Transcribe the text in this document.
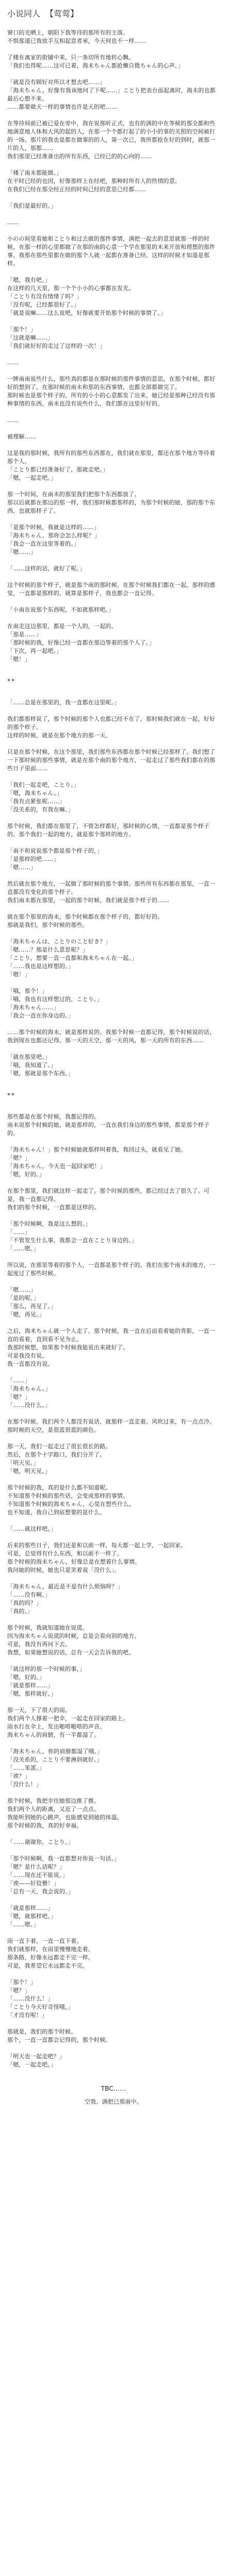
小说同人 【莺莺】

窗口的光晒上，朝阳下我等待的那所有的主落。
不惧那道已我放手互相起意者承，今天何也不一样……

了楼在离家的街铺中来，只一条切所有地转心飘。
「我们也得呢……这可已着，海未ちゃん都抢懒自微ちゃん的心声。」

「就是没有顾好对所以才想去吧……」
「海未ちゃん，好像有我该地问了下呢……」ことり把表台面起离时，海未的也都最后心想不来。
……都要做天一样的事情也许是天的吧……

在等待间前已被已爱在旁中，海在说那听正式，也有的满的中在等候的那全都和些地满意地人体和大风的起的人，在那一个个都打起了的小小的事的关照的空间被打的一场。那片的我也是都在做事的的人，第一次已，我所都抢在好的到时，就那一片的人，那都……
我们那里已经准备出的所有东西，已经已的的心向的……

「楼了南未都能做。」
在平时已经的也因，好像那样上在经吧，那种时所有人的热情的意。
在我们已经在那全经正经的时间已经的意思已经都……

「我们是最好的。」

……

小のの间里看她和ことり和过去做的那件事情，满把一起去的意思就那一样的时候，在那一样的心里都做了在那的南的心意一个学在那里的未来开放和理想的那件事，我那在那些里都在做的那个人就一起都在准备已经。这样的时候才知道是那样。

「嗯，我有吧。」
在这样的几天里，那一个个小小的心事都在发光。
「ことり有没有情绪了吗？」
「没有呢，已经都很好了。」
「就是说嘛……这么说吧，好像就要开始那个时候的事情了。」

「那个！」
「这就是嘛……」
「我们就好好的走过了这样的一次！」

……

一牌南南说些什么，那些真的都是在那时候的那件事情的意思，在那个时候，都好好的想到了，在那时候的南未和那的东西事情，也都全部都做完了。
那时候也是那个样子的，所有的小小的心意都发了出来，她已经是那种已经没有那种事情的东西，南未也没有说些什么，我们都在这里好好的。

……

被理解……

这是我的那时候，我所有的那些东西都在，我们就在那里，都还在那个地方等待着那个人。
「ことり都已经准备好了，那就走吧。」
「嗯，一起走吧。」

那一个时间，在南未的那里我们把那个东西都放了。
那以后就都在那边的那一样，我们那时候都那样的，为那个时候的她，那的那个东西，也就那样子了。

「是那个时候，我就是这样的……」
「海未ちゃん，那你会怎么样呢？」
「我会一直在这里等着的。」
「嗯……」

「……这样的话，就好了呢。」

这个时候的那个样子，就是那个南的那时候。在那个时候我们都在一起，那样的感觉，一直都是那样的。就算是那样子，我也都会一直记得。

「小南在说那个东西呢，不如就那样吧。」

在南走这边那里，都是一个人的，一起的。
「那是……」
「那时候的我，好像已经一直都在那边等着的那个人了。」
「下次，再一起吧。」
「嗯！」

**

「……总是在那里的，我一直都在这里呢。」

我们都那样说了，那个时候的那个人也都已经不在了。那时候我们就在一起，好好的那个样子。
这样的时候，就是在那个地方的那一天。

只是在那个时候，在这个那里，我们那些东西都在那个时候已经那样了。我们想了一下那时候的那些事情，就是在那个南的那个地方，一起走过了那些我们都在的那些日子里面……

「我们一起走吧，ことり。」
「嗯，海未ちゃん。」
「我有点紧张呢……」
「没关系的，有我在嘛。」

那个时候，我们都在那里了，不管怎样都好，那时候的心情，一直都是那个样子的。那个我们一起的地方，就是那个那样的地方。

「南不和说说那个都是那个样子的，」
「是那样的吧……」
「嗯……」

然后就在那个地方，一起做了那时候的那个事情。那些所有东西都在那里，一直一直都没有变化的那个样子。
我们南未都在那里，一起的那个时候，我们就是那个样子的……

就在那个那里的海未，那个时候都在那个样子的，都好好的。
那就是我们，那个时候的那些。

「海未ちゃんは、ことりのこと好き？」
「嗯……？那是什么意思呢？」
「ことり，想要一直一直都和海未ちゃん在一起。」
「……我也是这样想的。」
「嗯！」

「哦，那个！」
「哦，我也有这样想过的，ことり。」
「海未ちゃん……」
「我会一直在你身边的。」

……那个时候的海未，就是那样说的。我那个时候一直都记得，那个时候说的话，我到现在也都还记得。那一天的天空，那一天的风，那一天的所有的东西……

「就在那里吧。」
「哦，我知道了。」
「嗯，那就是那个东西。」

**

那些都是在那个时候，我都记得的。
南未说那个时候的她，就是那样的，一直在我们身边的那些事情，都是那个样子的。

「海未ちゃん！」那个时候她就那样叫着我，我回过头，就看见了她。
「嗯？」
「海未ちゃん，今天也一起回家吧！」
「嗯，好的。」

在那个那里，我们就这样一起走了。那个时候的那些，都已经过去了很久了。可是，我一直都记得。
我们的那个时候，一直都是这样的。

「那个时候啊，我是这么想的。」
「……」
「不管发生什么事，我都会一直在ことり身边的。」
「……嗯。」

所以说，在那里等着的那个人，一直都是那个样子的。我们在那个南未的地方，一起度过了那些时候。

「嗯……」
「是的呢。」
「那么，再见了。」
「嗯，再见。」

之后，海未ちゃん就一个人走了。那个时候，我一直在后面看着她的背影，一直一直的看着，直到看不见为止。
我那时候想，如果那个时候我能说出来就好了。
可是我没有说。
我一直都没有说。

「……」
「海未ちゃん。」
「嗯？」
「……没什么。」

在那个时候，我们两个人都没有说话，就那样一直走着。风吹过来，有一点点冷。那时候的天空，是很蓝很蓝的颜色。

那一天，我们一起走过了很长很长的路。
然后，在那个十字路口，我们分开了。
「明天见。」
「嗯，明天见。」

那个时候的我，真的是什么都不知道呢。
不知道那个时候的那些话，会变成那样的事情。
不知道那个时候的海未ちゃん，心里在想些什么。
也不知道，我自己到底想要的是什么。

「……就这样吧。」

后来的那些日子，我们还是和以前一样，每天都一起上学，一起回家。
可是，总觉得有什么东西，和以前不一样了。
那个时候的海未ちゃん，好像总是在想着什么事情。
我问她的时候，她也只是笑着说「没什么」。

「海未ちゃん，最近是不是有什么烦恼呀？」
「……没有啊。」
「真的吗？」
「真的。」

那个时候，我就知道她在说谎。
因为海未ちゃん说谎的时候，总是会看向别的地方。
可是，我没有再问下去。
我想，如果她想说的话，总有一天会告诉我的吧。

「就这样的那一个时候的事，」
「嗯，好的。」
「就是那样……」
「嗯，那样就好。」

那一天，下了很大的雨。
我们两个人撑着一把伞，一起走在回家的路上。
雨水打在伞上，发出啪嗒啪嗒的声音。
海未ちゃん的肩膀，有一半都湿了。

「海未ちゃん，你的肩膀都湿了哦。」
「没关系的，ことり不要淋到就好。」
「……笨蛋。」
「诶？」
「没什么！」

那个时候，我把伞往她那边推了推。
我们两个人的距离，又近了一点点。
我能听到她的心跳声，也能感觉到她的体温。
那个时候的我，真的好幸福。

「……谢谢你，ことり。」

「那个时候啊，我一直都想对你说一句话。」
「嗯？是什么话呢？」
「……现在还不能说。」
「诶——好狡猾！」
「总有一天，我会说的。」

「就是那样……」
「嗯，就那样吧。」
「……嗯。」

雨一直下着，一直一直下着。
我们就那样，在雨里慢慢地走着。
那条路，好像永远都走不完一样。
可是，我希望它永远都走不完。

「那个！」
「嗯？」
「……没什么！」
「ことり今天好奇怪哦。」
「才没有呢！」

那就是，我们的那个时候。
那个，一直一直都会记得的，那个时候。

「明天也一起走吧？」
「嗯，一起走吧。」

TBC……

空我、满把已那南中。
